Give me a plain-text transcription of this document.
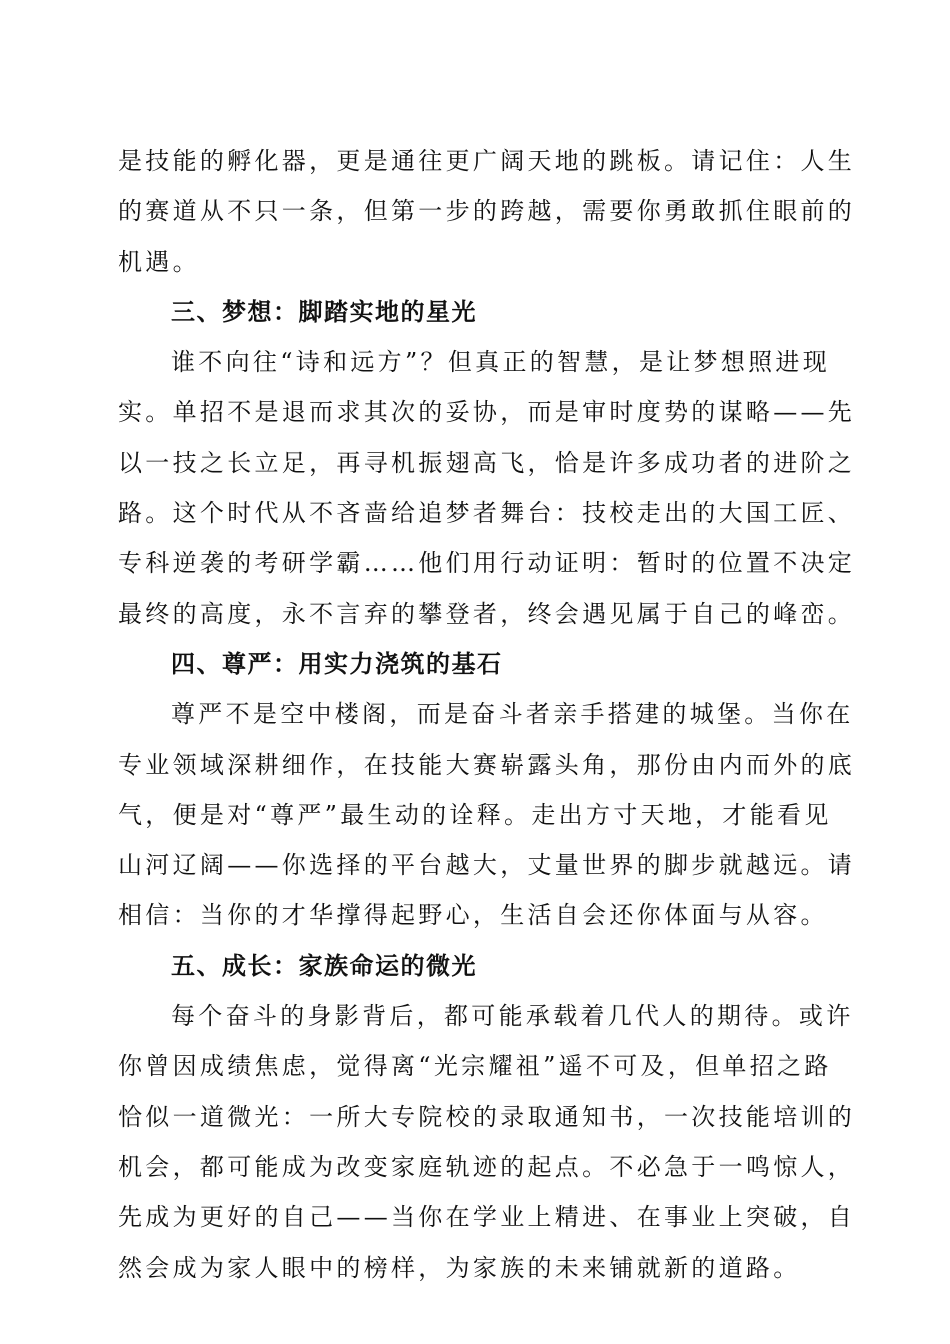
是技能的孵化器，更是通往更广阔天地的跳板。请记住：人生
的赛道从不只一条，但第一步的跨越，需要你勇敢抓住眼前的
机遇。
三、梦想：脚踏实地的星光
谁不向往“诗和远方”？但真正的智慧，是让梦想照进现
实。单招不是退而求其次的妥协，而是审时度势的谋略——先
以一技之长立足，再寻机振翅高飞，恰是许多成功者的进阶之
路。这个时代从不吝啬给追梦者舞台：技校走出的大国工匠、
专科逆袭的考研学霸……他们用行动证明：暂时的位置不决定
最终的高度，永不言弃的攀登者，终会遇见属于自己的峰峦。
四、尊严：用实力浇筑的基石
尊严不是空中楼阁，而是奋斗者亲手搭建的城堡。当你在
专业领域深耕细作，在技能大赛崭露头角，那份由内而外的底
气，便是对“尊严”最生动的诠释。走出方寸天地，才能看见
山河辽阔——你选择的平台越大，丈量世界的脚步就越远。请
相信：当你的才华撑得起野心，生活自会还你体面与从容。
五、成长：家族命运的微光
每个奋斗的身影背后，都可能承载着几代人的期待。或许
你曾因成绩焦虑，觉得离“光宗耀祖”遥不可及，但单招之路
恰似一道微光：一所大专院校的录取通知书，一次技能培训的
机会，都可能成为改变家庭轨迹的起点。不必急于一鸣惊人，
先成为更好的自己——当你在学业上精进、在事业上突破，自
然会成为家人眼中的榜样，为家族的未来铺就新的道路。
